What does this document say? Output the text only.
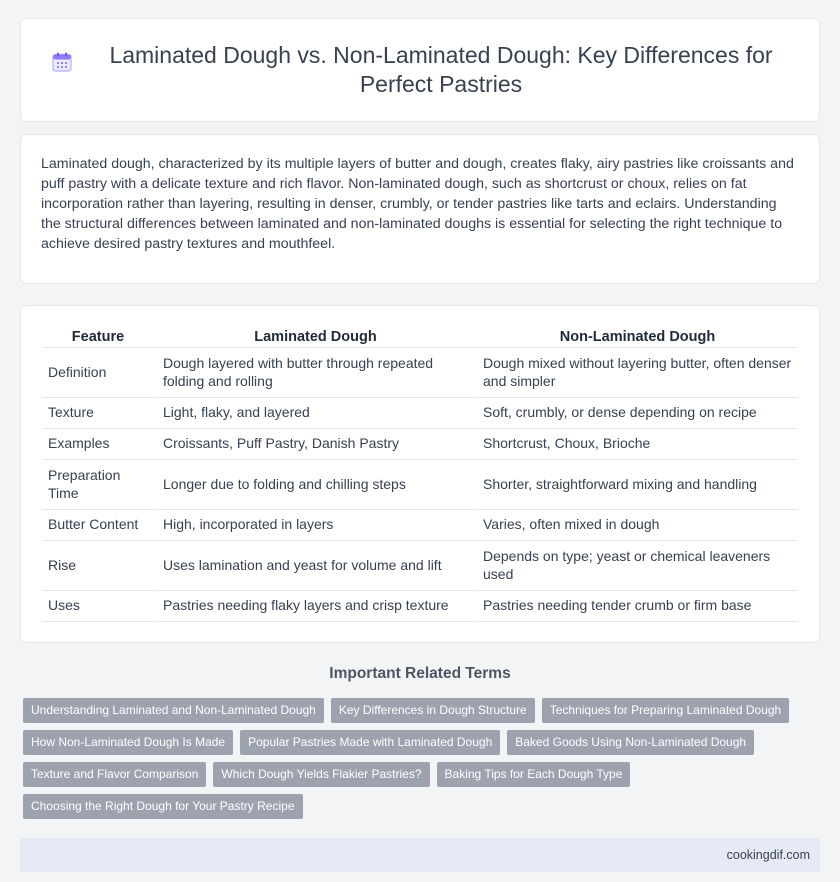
Laminated Dough vs. Non-Laminated Dough: Key Differences for Perfect Pastries

Laminated dough, characterized by its multiple layers of butter and dough, creates flaky, airy pastries like croissants and puff pastry with a delicate texture and rich flavor. Non-laminated dough, such as shortcrust or choux, relies on fat incorporation rather than layering, resulting in denser, crumbly, or tender pastries like tarts and eclairs. Understanding the structural differences between laminated and non-laminated doughs is essential for selecting the right technique to achieve desired pastry textures and mouthfeel.

Feature	Laminated Dough	Non-Laminated Dough
Definition	Dough layered with butter through repeated folding and rolling	Dough mixed without layering butter, often denser and simpler
Texture	Light, flaky, and layered	Soft, crumbly, or dense depending on recipe
Examples	Croissants, Puff Pastry, Danish Pastry	Shortcrust, Choux, Brioche
Preparation Time	Longer due to folding and chilling steps	Shorter, straightforward mixing and handling
Butter Content	High, incorporated in layers	Varies, often mixed in dough
Rise	Uses lamination and yeast for volume and lift	Depends on type; yeast or chemical leaveners used
Uses	Pastries needing flaky layers and crisp texture	Pastries needing tender crumb or firm base
Important Related Terms
Understanding Laminated and Non-Laminated Dough	Key Differences in Dough Structure	Techniques for Preparing Laminated Dough
How Non-Laminated Dough Is Made	Popular Pastries Made with Laminated Dough	Baked Goods Using Non-Laminated Dough
Texture and Flavor Comparison	Which Dough Yields Flakier Pastries?	Baking Tips for Each Dough Type
Choosing the Right Dough for Your Pastry Recipe
cookingdif.com
